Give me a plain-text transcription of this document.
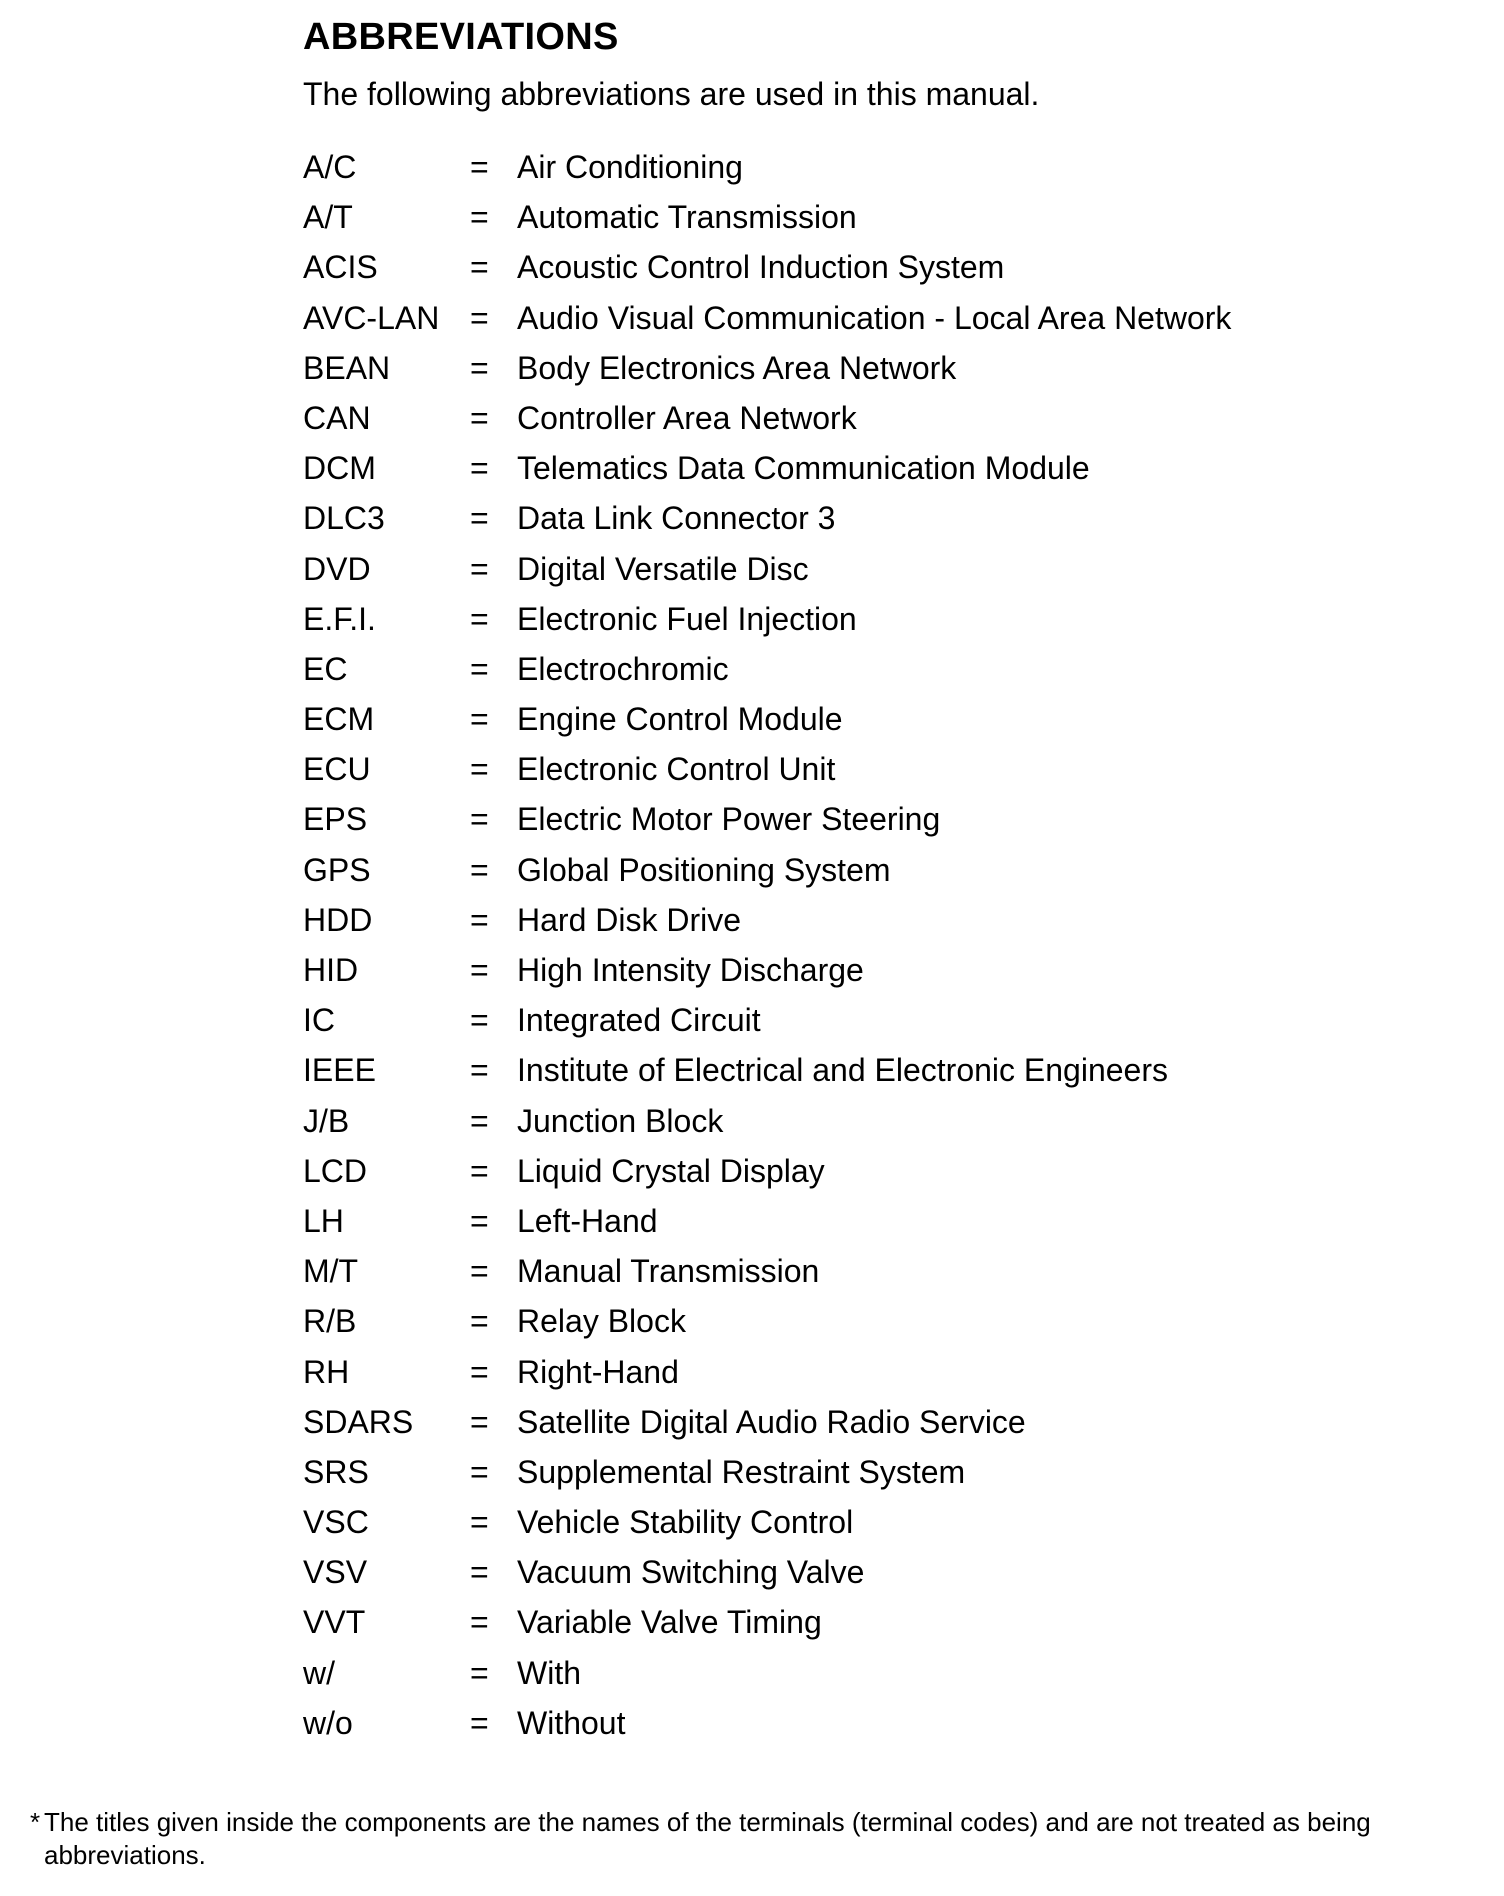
ABBREVIATIONS
The following abbreviations are used in this manual.
A/C	= Air Conditioning
A/T	= Automatic Transmission
ACIS	= Acoustic Control Induction System
AVC-LAN = Audio Visual Communication - Local Area Network
BEAN = Body Electronics Area Network
CAN	= Controller Area Network
DCM	= Telematics Data Communication Module
DLC3	= Data Link Connector 3
DVD	= Digital Versatile Disc
E.F.I.	= Electronic Fuel Injection
EC	= Electrochromic
ECM	= Engine Control Module
ECU	= Electronic Control Unit
EPS	= Electric Motor Power Steering
GPS	= Global Positioning System
HDD	= Hard Disk Drive
HID	= High Intensity Discharge
IC	= Integrated Circuit
IEEE	= Institute of Electrical and Electronic Engineers
J/B	= Junction Block
LCD	= Liquid Crystal Display
LH	= Left-Hand
M/T	= Manual Transmission
R/B	= Relay Block
RH	= Right-Hand
SDARS = Satellite Digital Audio Radio Service
SRS	= Supplemental Restraint System
VSC	= Vehicle Stability Control
VSV	= Vacuum Switching Valve
VVT	= Variable Valve Timing
w/	= With
w/o	= Without
* The titles given inside the components are the names of the terminals (terminal codes) and are not treated as being abbreviations.
